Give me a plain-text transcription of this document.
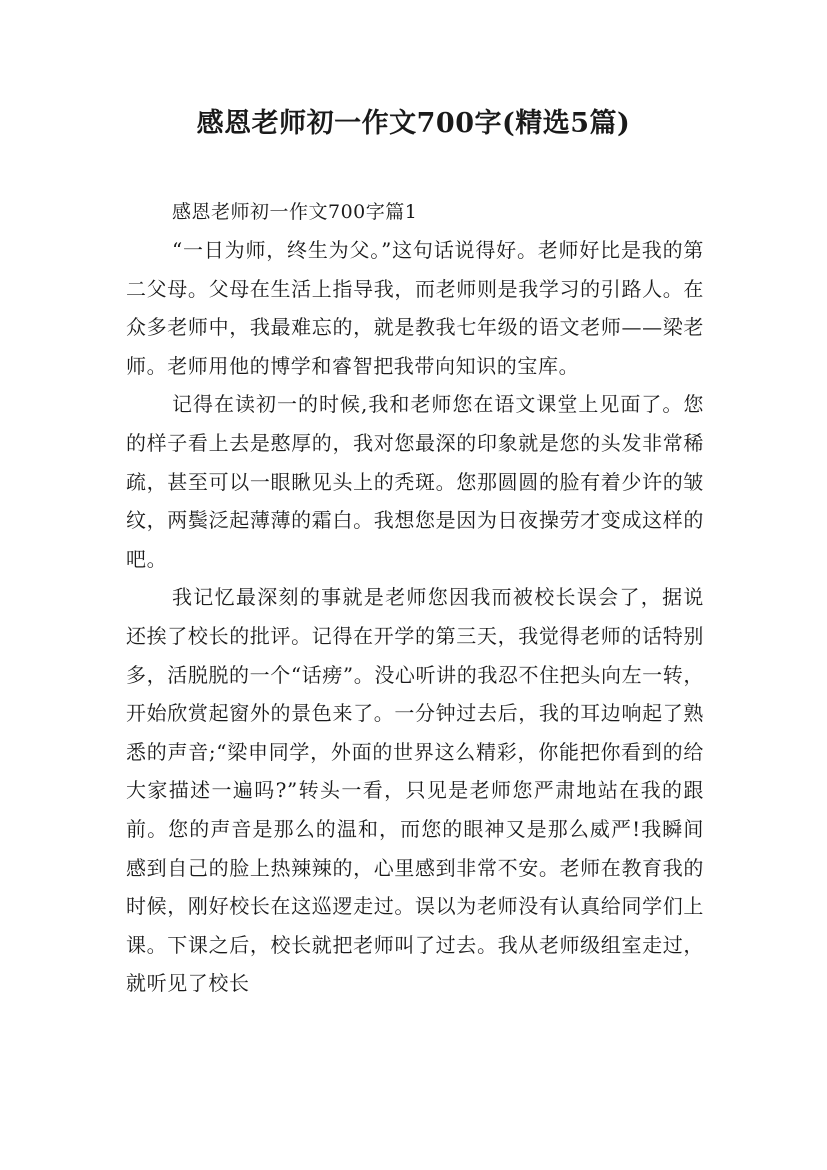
感恩老师初一作文700字(精选5篇)

感恩老师初一作文700字篇1

“一日为师，终生为父。”这句话说得好。老师好比是我的第二父母。父母在生活上指导我，而老师则是我学习的引路人。在众多老师中，我最难忘的，就是教我七年级的语文老师——梁老师。老师用他的博学和睿智把我带向知识的宝库。

记得在读初一的时候,我和老师您在语文课堂上见面了。您的样子看上去是憨厚的，我对您最深的印象就是您的头发非常稀疏，甚至可以一眼瞅见头上的秃斑。您那圆圆的脸有着少许的皱纹，两鬓泛起薄薄的霜白。我想您是因为日夜操劳才变成这样的吧。

我记忆最深刻的事就是老师您因我而被校长误会了，据说还挨了校长的批评。记得在开学的第三天，我觉得老师的话特别多，活脱脱的一个“话痨”。没心听讲的我忍不住把头向左一转，开始欣赏起窗外的景色来了。一分钟过去后，我的耳边响起了熟悉的声音;“梁申同学，外面的世界这么精彩，你能把你看到的给大家描述一遍吗?”转头一看，只见是老师您严肃地站在我的跟前。您的声音是那么的温和，而您的眼神又是那么威严!我瞬间感到自己的脸上热辣辣的，心里感到非常不安。老师在教育我的时候，刚好校长在这巡逻走过。误以为老师没有认真给同学们上课。下课之后，校长就把老师叫了过去。我从老师级组室走过，就听见了校长
